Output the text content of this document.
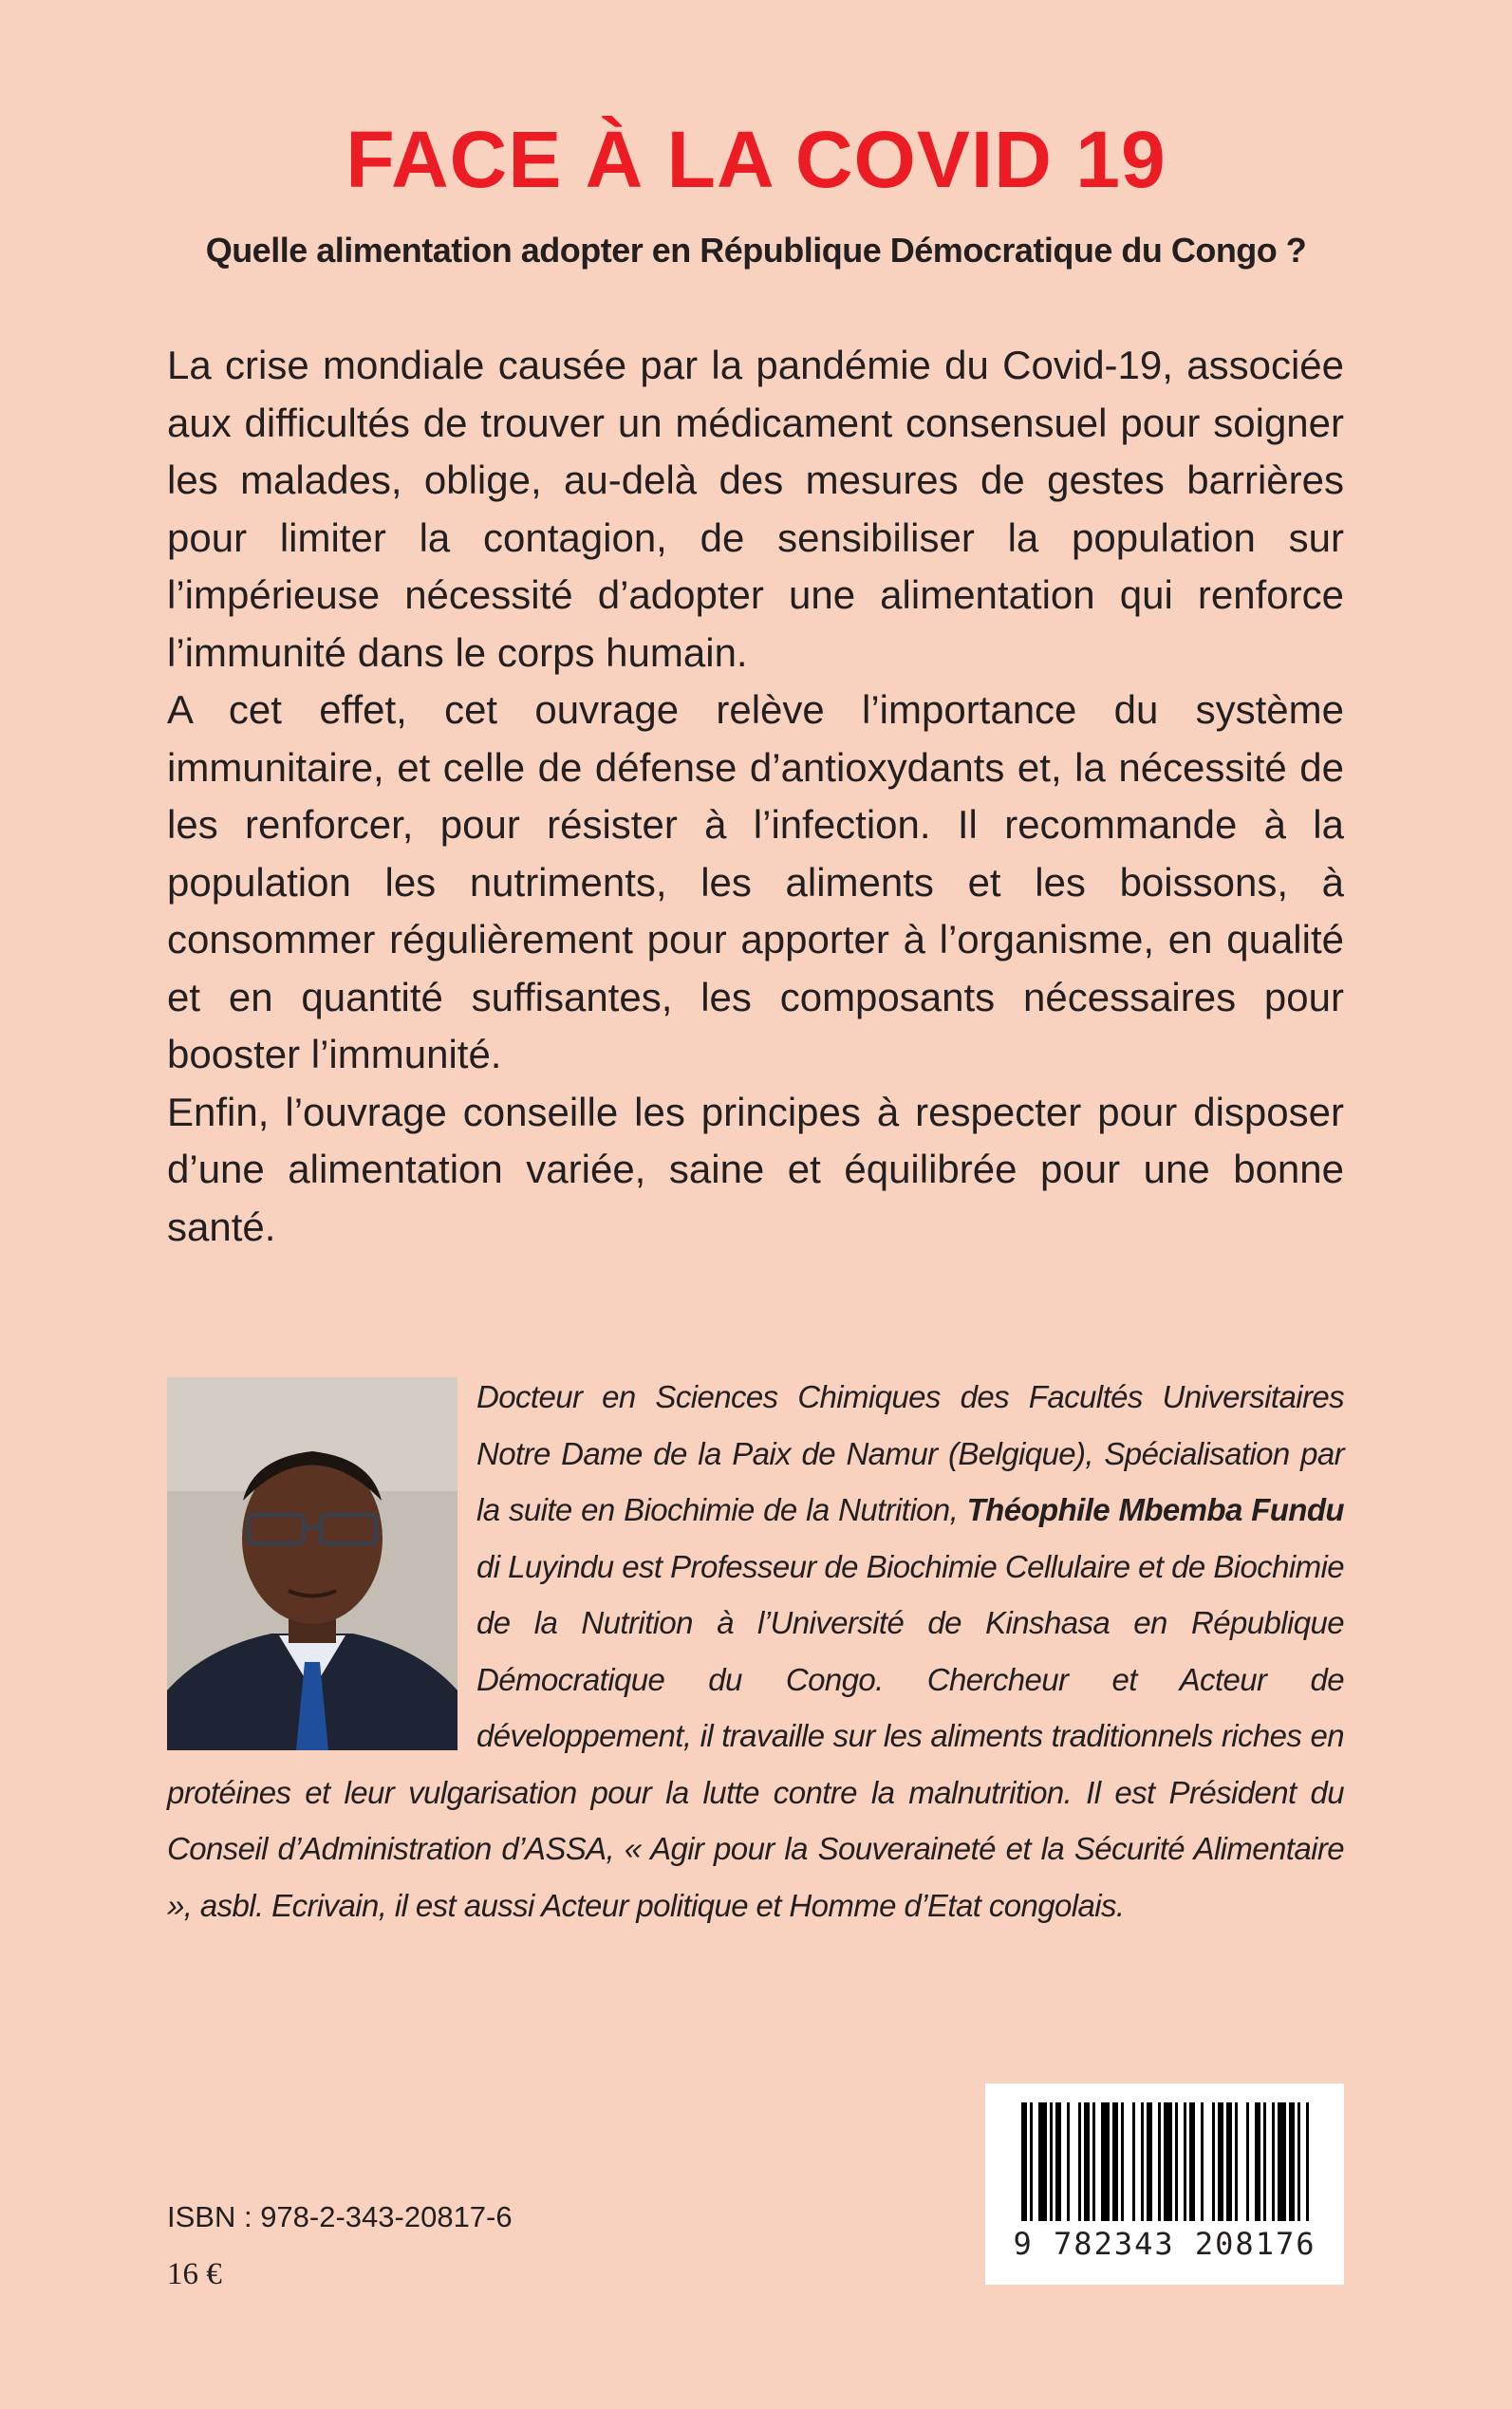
FACE À LA COVID 19
Quelle alimentation adopter en République Démocratique du Congo ?

La crise mondiale causée par la pandémie du Covid-19, associée aux difficultés de trouver un médicament consensuel pour soigner les malades, oblige, au-delà des mesures de gestes barrières pour limiter la contagion, de sensibiliser la population sur l’impérieuse nécessité d’adopter une alimentation qui renforce l’immunité dans le corps humain.

A cet effet, cet ouvrage relève l’importance du système immunitaire, et celle de défense d’antioxydants et, la nécessité de les renforcer, pour résister à l’infection. Il recommande à la population les nutriments, les aliments et les boissons, à consommer régulièrement pour apporter à l’organisme, en qualité et en quantité suffisantes, les composants nécessaires pour booster l’immunité.

Enfin, l’ouvrage conseille les principes à respecter pour disposer d’une alimentation variée, saine et équilibrée pour une bonne santé.

Docteur en Sciences Chimiques des Facultés Universitaires Notre Dame de la Paix de Namur (Belgique), Spécialisation par la suite en Biochimie de la Nutrition, Théophile Mbemba Fundu di Luyindu est Professeur de Biochimie Cellulaire et de Biochimie de la Nutrition à l’Université de Kinshasa en République Démocratique du Congo. Chercheur et Acteur de développement, il travaille sur les aliments traditionnels riches en protéines et leur vulgarisation pour la lutte contre la malnutrition. Il est Président du Conseil d’Administration d’ASSA, « Agir pour la Souveraineté et la Sécurité Alimentaire », asbl. Ecrivain, il est aussi Acteur politique et Homme d’Etat congolais.

ISBN : 978-2-343-20817-6

16 €

9 782343 208176
